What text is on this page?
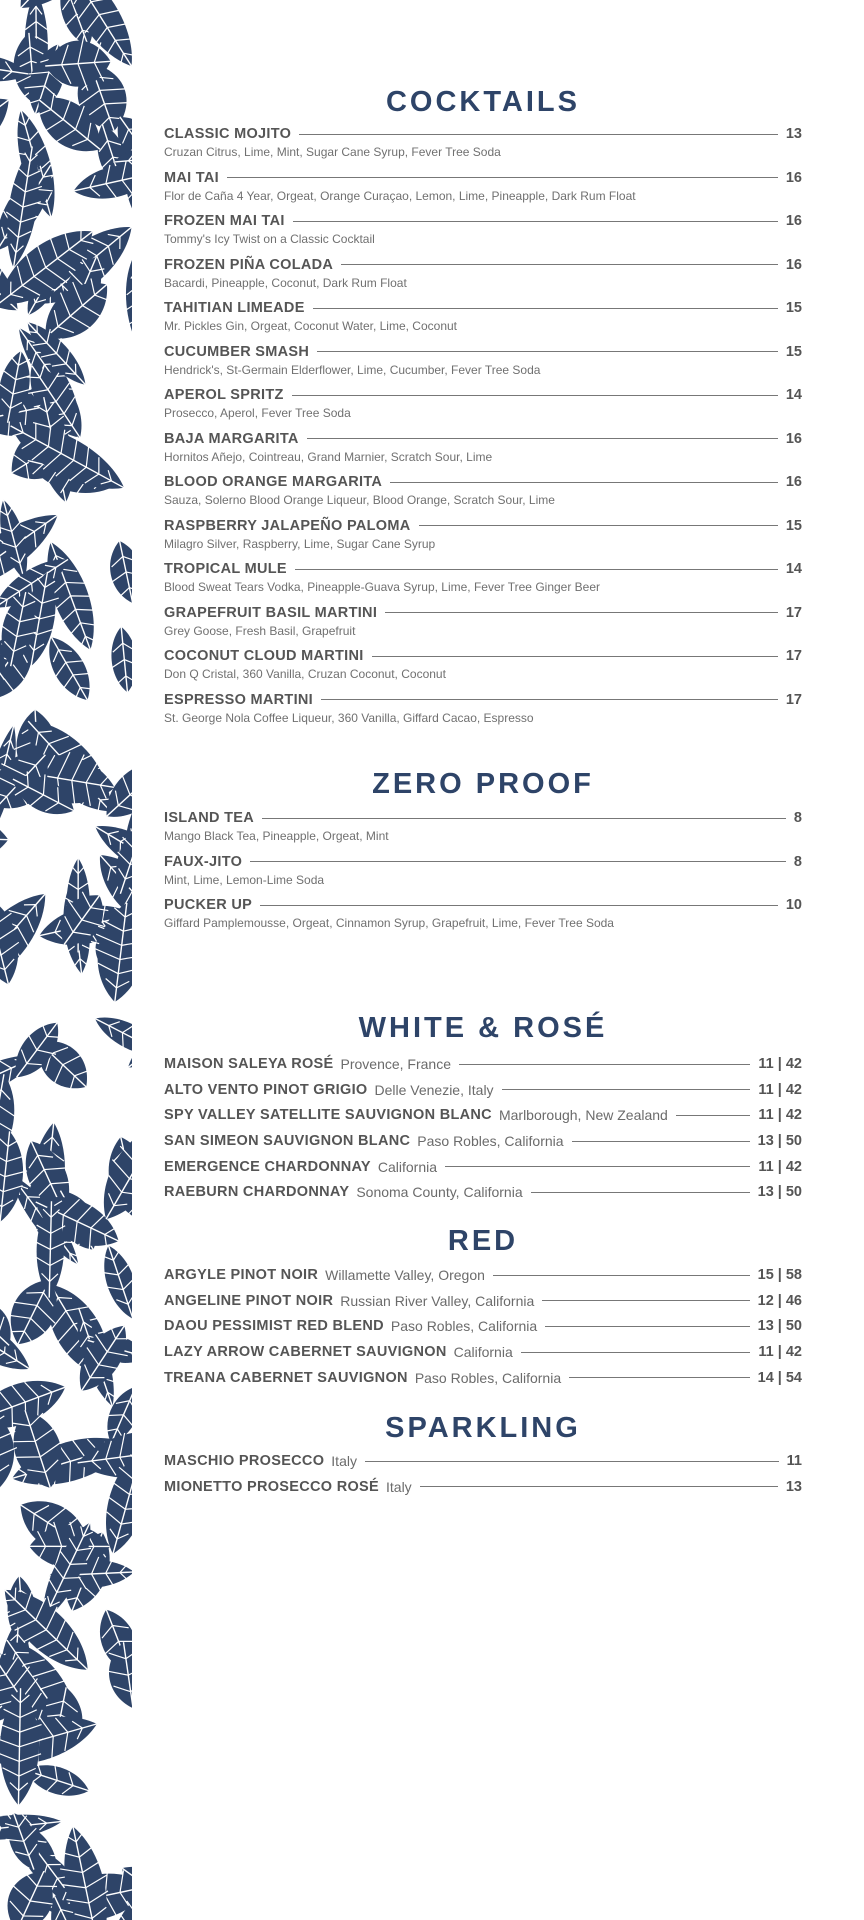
COCKTAILS
CLASSIC MOJITO	13
Cruzan Citrus, Lime, Mint, Sugar Cane Syrup, Fever Tree Soda
MAI TAI	16
Flor de Caña 4 Year, Orgeat, Orange Curaçao, Lemon, Lime, Pineapple, Dark Rum Float
FROZEN MAI TAI	16
Tommy's Icy Twist on a Classic Cocktail
FROZEN PIÑA COLADA	16
Bacardi, Pineapple, Coconut, Dark Rum Float
TAHITIAN LIMEADE	15
Mr. Pickles Gin, Orgeat, Coconut Water, Lime, Coconut
CUCUMBER SMASH	15
Hendrick's, St-Germain Elderflower, Lime, Cucumber, Fever Tree Soda
APEROL SPRITZ	14
Prosecco, Aperol, Fever Tree Soda
BAJA MARGARITA	16
Hornitos Añejo, Cointreau, Grand Marnier, Scratch Sour, Lime
BLOOD ORANGE MARGARITA	16
Sauza, Solerno Blood Orange Liqueur, Blood Orange, Scratch Sour, Lime
RASPBERRY JALAPEÑO PALOMA	15
Milagro Silver, Raspberry, Lime, Sugar Cane Syrup
TROPICAL MULE	14
Blood Sweat Tears Vodka, Pineapple-Guava Syrup, Lime, Fever Tree Ginger Beer
GRAPEFRUIT BASIL MARTINI	17
Grey Goose, Fresh Basil, Grapefruit
COCONUT CLOUD MARTINI	17
Don Q Cristal, 360 Vanilla, Cruzan Coconut, Coconut
ESPRESSO MARTINI	17
St. George Nola Coffee Liqueur, 360 Vanilla, Giffard Cacao, Espresso
ZERO PROOF
ISLAND TEA	8
Mango Black Tea, Pineapple, Orgeat, Mint
FAUX-JITO	8
Mint, Lime, Lemon-Lime Soda
PUCKER UP	10
Giffard Pamplemousse, Orgeat, Cinnamon Syrup, Grapefruit, Lime, Fever Tree Soda
WHITE & ROSÉ
MAISON SALEYA ROSÉ Provence, France	11 | 42
ALTO VENTO PINOT GRIGIO Delle Venezie, Italy	11 | 42
SPY VALLEY SATELLITE SAUVIGNON BLANC Marlborough, New Zealand	11 | 42
SAN SIMEON SAUVIGNON BLANC Paso Robles, California	13 | 50
EMERGENCE CHARDONNAY California	11 | 42
RAEBURN CHARDONNAY Sonoma County, California	13 | 50
RED
ARGYLE PINOT NOIR Willamette Valley, Oregon	15 | 58
ANGELINE PINOT NOIR Russian River Valley, California	12 | 46
DAOU PESSIMIST RED BLEND Paso Robles, California	13 | 50
LAZY ARROW CABERNET SAUVIGNON California	11 | 42
TREANA CABERNET SAUVIGNON Paso Robles, California	14 | 54
SPARKLING
MASCHIO PROSECCO Italy	11
MIONETTO PROSECCO ROSÉ Italy	13
